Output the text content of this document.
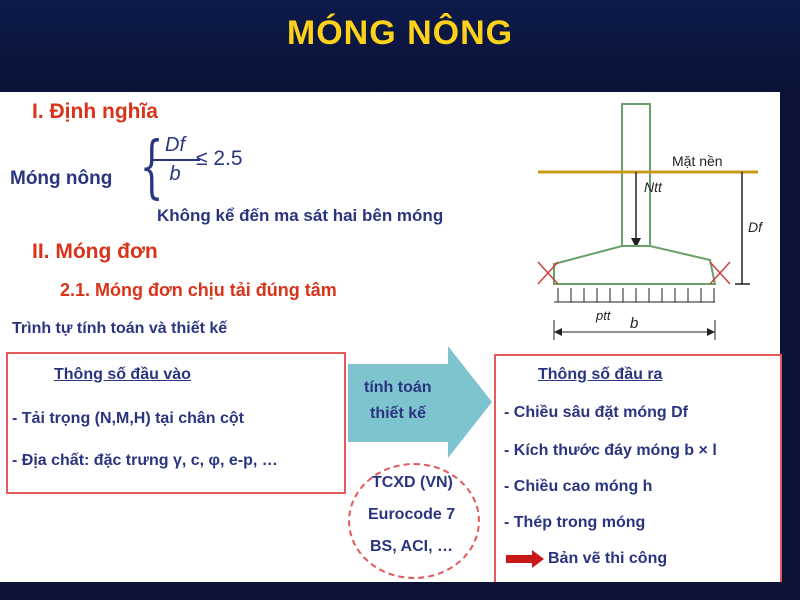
MÓNG NÔNG
I. Định nghĩa
Móng nông {
$\frac{Df}{b}$
≤ 2.5
Không kể đến ma sát hai bên móng
II. Móng đơn
2.1. Móng đơn chịu tải đúng tâm
Trình tự tính toán và thiết kế
Mặt nền
Ntt
Df
ptt b
Thông số đầu vào
- Tải trọng (N,M,H) tại chân cột
- Địa chất: đặc trưng γ, c, φ, e-p, …
Thông số đầu ra
- Chiều sâu đặt móng Df
- Kích thước đáy móng b × l
- Chiều cao móng h
- Thép trong móng
Bản vẽ thi công
tính toán
thiết kế
TCXD (VN)
Eurocode 7
BS, ACI, …
